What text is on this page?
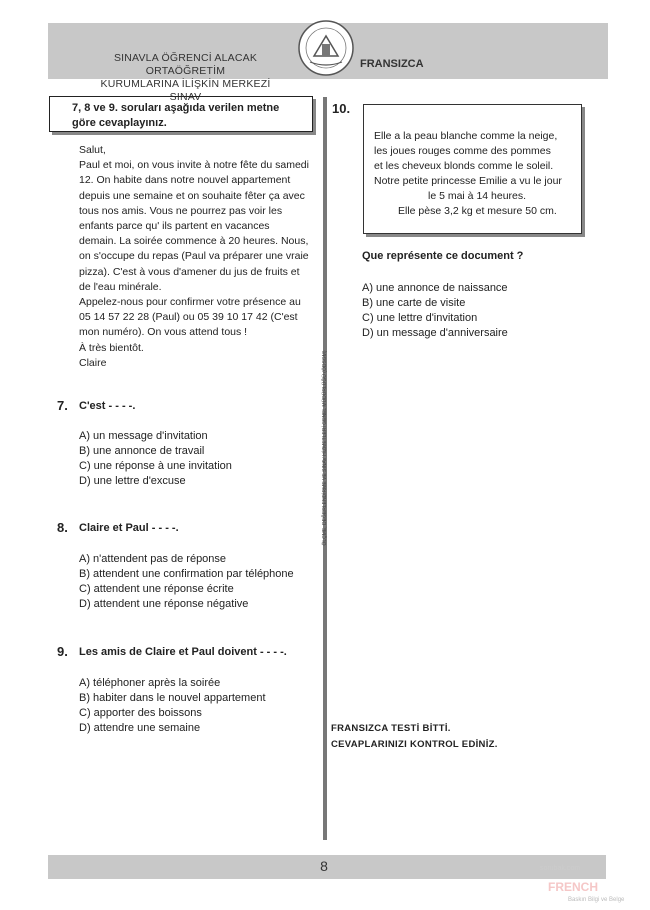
SINAVLA ÖĞRENCİ ALACAK ORTAÖĞRETİM
KURUMLARINA İLİŞKİN MERKEZİ SINAV
FRANSIZCA
7, 8 ve 9. soruları aşağıda verilen metne
göre cevaplayınız.

Salut,

Paul et moi, on vous invite à notre fête du samedi

12. On habite dans notre nouvel appartement

depuis une semaine et on souhaite fêter ça avec

tous nos amis. Vous ne pourrez pas voir les

enfants parce qu' ils partent en vacances

demain. La soirée commence à 20 heures. Nous,

on s'occupe du repas (Paul va préparer une vraie

pizza). C'est à vous d'amener du jus de fruits et

de l'eau minérale.

Appelez-nous pour confirmer votre présence au

05 14 57 22 28 (Paul) ou 05 39 10 17 42 (C'est

mon numéro). On vous attend tous !

À très bientôt.

Claire

7. C'est - - - -.
A) un message d'invitation
B) une annonce de travail
C) une réponse à une invitation
D) une lettre d'excuse
8. Claire et Paul - - - -.
A) n'attendent pas de réponse
B) attendent une confirmation par téléphone
C) attendent une réponse écrite
D) attendent une réponse négative
9. Les amis de Claire et Paul doivent - - - -.
A) téléphoner après la soirée
B) habiter dans le nouvel appartement
C) apporter des boissons
D) attendre une semaine
ÖLÇME, DEĞERLENDİRME VE SINAV HİZMETLERİ GENEL MÜDÜRLÜĞÜ (ÖDSGM)
10.
Elle a la peau blanche comme la neige,
les joues rouges comme des pommes
et les cheveux blonds comme le soleil.
Notre petite princesse Emilie a vu le jour
le 5 mai à 14 heures.
Elle pèse 3,2 kg et mesure 50 cm.
Que représente ce document ?
A) une annonce de naissance
B) une carte de visite
C) une lettre d'invitation
D) un message d'anniversaire
FRANSIZCA TESTİ BİTTİ.
CEVAPLARINIZI KONTROL EDİNİZ.
8	sorubak.com
FRENCH
Baskın Bilgi ve Belge
